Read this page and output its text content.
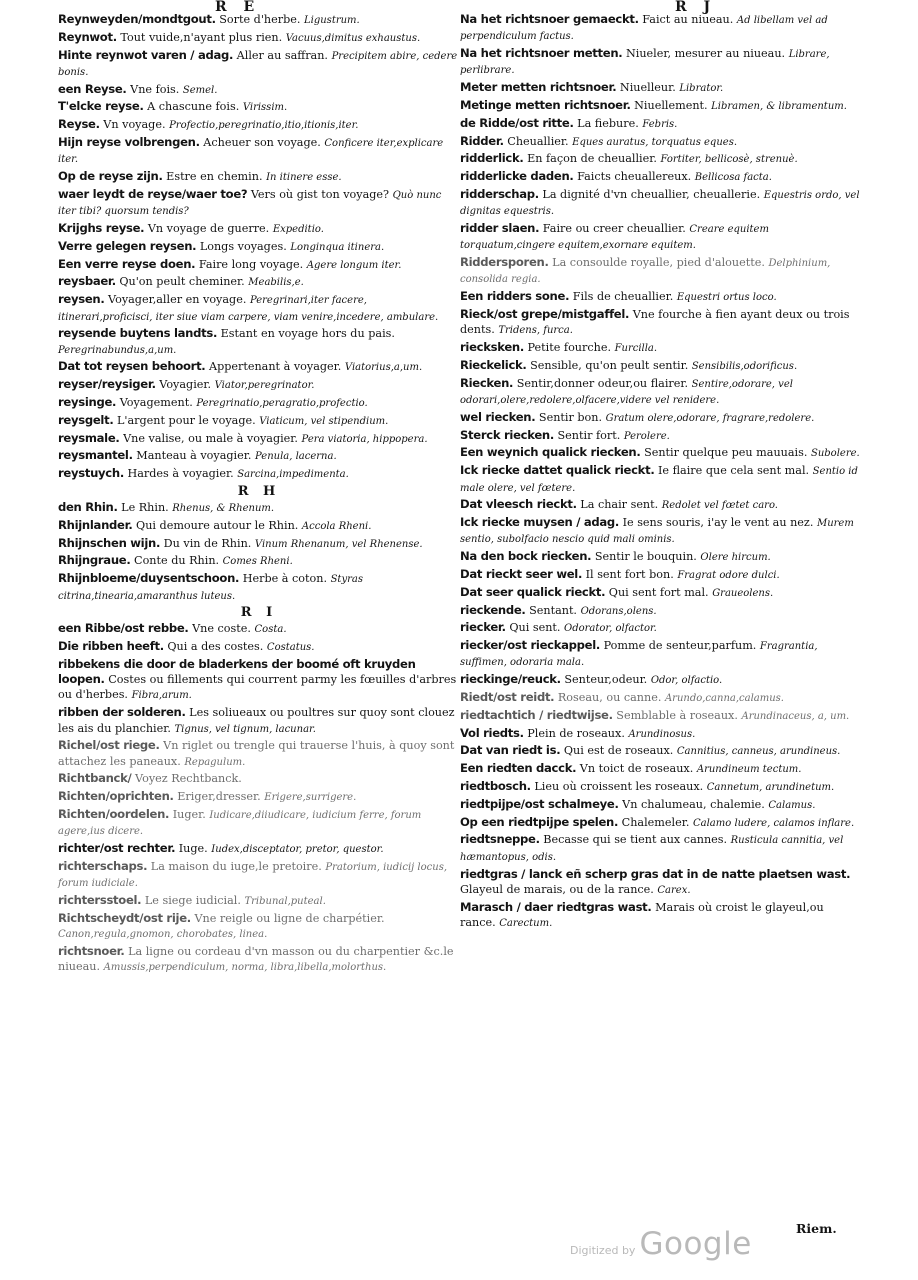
R E	R J
Reynweyden/mondtgout. Sorte d'herbe. Ligustrum.
Reynwot. Tout vuide,n'ayant plus rien. Vacuus,dimitus exhaustus.
Hinte reynwot varen / adag. Aller au saffran. Precipitem abire, cedere bonis.
een Reyse. Vne fois. Semel.
T'elcke reyse. A chascune fois. Virissim.
Reyse. Vn voyage. Profectio,peregrinatio,itio,itionis,iter.
Hijn reyse volbrengen. Acheuer son voyage. Conficere iter,explicare iter.
Op de reyse zijn. Estre en chemin. In itinere esse.
waer leydt de reyse/waer toe? Vers où gist ton voyage? Quò nunc iter tibi? quorsum tendis?
Krijghs reyse. Vn voyage de guerre. Expeditio.
Verre gelegen reysen. Longs voyages. Longinqua itinera.
Een verre reyse doen. Faire long voyage. Agere longum iter.
reysbaer. Qu'on peult cheminer. Meabilis,e.
reysen. Voyager,aller en voyage. Peregrinari,iter facere, itinerari,proficisci, iter siue viam carpere, viam venire,incedere, ambulare.
reysende buytens landts. Estant en voyage hors du pais. Peregrinabundus,a,um.
Dat tot reysen behoort. Appertenant à voyager. Viatorius,a,um.
reyser/reysiger. Voyagier. Viator,peregrinator.
reysinge. Voyagement. Peregrinatio,peragratio,profectio.
reysgelt. L'argent pour le voyage. Viaticum, vel stipendium.
reysmale. Vne valise, ou male à voyagier. Pera viatoria, hippopera.
reysmantel. Manteau à voyagier. Penula, lacerna.
reystuych. Hardes à voyagier. Sarcina,impedimenta.
R H
den Rhin. Le Rhin. Rhenus, & Rhenum.
Rhijnlander. Qui demoure autour le Rhin. Accola Rheni.
Rhijnschen wijn. Du vin de Rhin. Vinum Rhenanum, vel Rhenense.
Rhijngraue. Conte du Rhin. Comes Rheni.
Rhijnbloeme/duysentschoon. Herbe à coton. Styras citrina,tinearia,amaranthus luteus.
R I
een Ribbe/ost rebbe. Vne coste. Costa.
Die ribben heeft. Qui a des costes. Costatus.
ribbekens die door de bladerkens der boomé oft kruyden loopen. Costes ou fillements qui courrent parmy les fœuilles d'arbres ou d'herbes. Fibra,arum.
ribben der solderen. Les soliueaux ou poultres sur quoy sont clouez les ais du planchier. Tignus, vel tignum, lacunar.
Richel/ost riege. Vn riglet ou trengle qui trauerse l'huis, à quoy sont attachez les paneaux. Repagulum.
Richtbanck/ Voyez Rechtbanck.
Richten/oprichten. Eriger,dresser. Erigere,surrigere.
Richten/oordelen. Iuger. Iudicare,diiudicare, iudicium ferre, forum agere,ius dicere.
richter/ost rechter. Iuge. Iudex,disceptator, pretor, questor.
richterschaps. La maison du iuge,le pretoire. Pratorium, iudicij locus, forum iudiciale.
richtersstoel. Le siege iudicial. Tribunal,puteal.
Richtscheydt/ost rije. Vne reigle ou ligne de charpétier. Canon,regula,gnomon, chorobates, linea.
richtsnoer. La ligne ou cordeau d'vn masson ou du charpentier &c.le niueau. Amussis,perpendiculum, norma, libra,libella,molorthus.
Na het richtsnoer gemaeckt. Faict au niueau. Ad libellam vel ad perpendiculum factus.
Na het richtsnoer metten. Niueler, mesurer au niueau. Librare, perlibrare.
Meter metten richtsnoer. Niuelleur. Librator.
Metinge metten richtsnoer. Niuellement. Libramen, & libramentum.
de Ridde/ost ritte. La fiebure. Febris.
Ridder. Cheuallier. Eques auratus, torquatus eques.
ridderlick. En façon de cheuallier. Fortiter, bellicosè, strenuè.
ridderlicke daden. Faicts cheuallereux. Bellicosa facta.
ridderschap. La dignité d'vn cheuallier, cheuallerie. Equestris ordo, vel dignitas equestris.
ridder slaen. Faire ou creer cheuallier. Creare equitem torquatum,cingere equitem,exornare equitem.
Riddersporen. La consoulde royalle, pied d'alouette. Delphinium, consolida regia.
Een ridders sone. Fils de cheuallier. Equestri ortus loco.
Rieck/ost grepe/mistgaffel. Vne fourche à fien ayant deux ou trois dents. Tridens, furca.
riecksken. Petite fourche. Furcilla.
Rieckelick. Sensible, qu'on peult sentir. Sensibilis,odorificus.
Riecken. Sentir,donner odeur,ou flairer. Sentire,odorare, vel odorari,olere,redolere,olfacere,videre vel renidere.
wel riecken. Sentir bon. Gratum olere,odorare, fragrare,redolere.
Sterck riecken. Sentir fort. Perolere.
Een weynich qualick riecken. Sentir quelque peu mauuais. Subolere.
Ick riecke dattet qualick rieckt. Ie flaire que cela sent mal. Sentio id male olere, vel fœtere.
Dat vleesch rieckt. La chair sent. Redolet vel fœtet caro.
Ick riecke muysen / adag. Ie sens souris, i'ay le vent au nez. Murem sentio, subolfacio nescio quid mali ominis.
Na den bock riecken. Sentir le bouquin. Olere hircum.
Dat rieckt seer wel. Il sent fort bon. Fragrat odore dulci.
Dat seer qualick rieckt. Qui sent fort mal. Graueolens.
rieckende. Sentant. Odorans,olens.
riecker. Qui sent. Odorator, olfactor.
riecker/ost rieckappel. Pomme de senteur,parfum. Fragrantia, suffimen, odoraria mala.
rieckinge/reuck. Senteur,odeur. Odor, olfactio.
Riedt/ost reidt. Roseau, ou canne. Arundo,canna,calamus.
riedtachtich / riedtwijse. Semblable à roseaux. Arundinaceus, a, um.
Vol riedts. Plein de roseaux. Arundinosus.
Dat van riedt is. Qui est de roseaux. Cannitius, canneus, arundineus.
Een riedten dacck. Vn toict de roseaux. Arundineum tectum.
riedtbosch. Lieu où croissent les roseaux. Cannetum, arundinetum.
riedtpijpe/ost schalmeye. Vn chalumeau, chalemie. Calamus.
Op een riedtpijpe spelen. Chalemeler. Calamo ludere, calamos inflare.
riedtsneppe. Becasse qui se tient aux cannes. Rusticula cannitia, vel hæmantopus, odis.
riedtgras / lanck eñ scherp gras dat in de natte plaetsen wast. Glayeul de marais, ou de la rance. Carex.
Marasch / daer riedtgras wast. Marais où croist le glayeul,ou rance. Carectum.
Riem.
Digitized by Google
